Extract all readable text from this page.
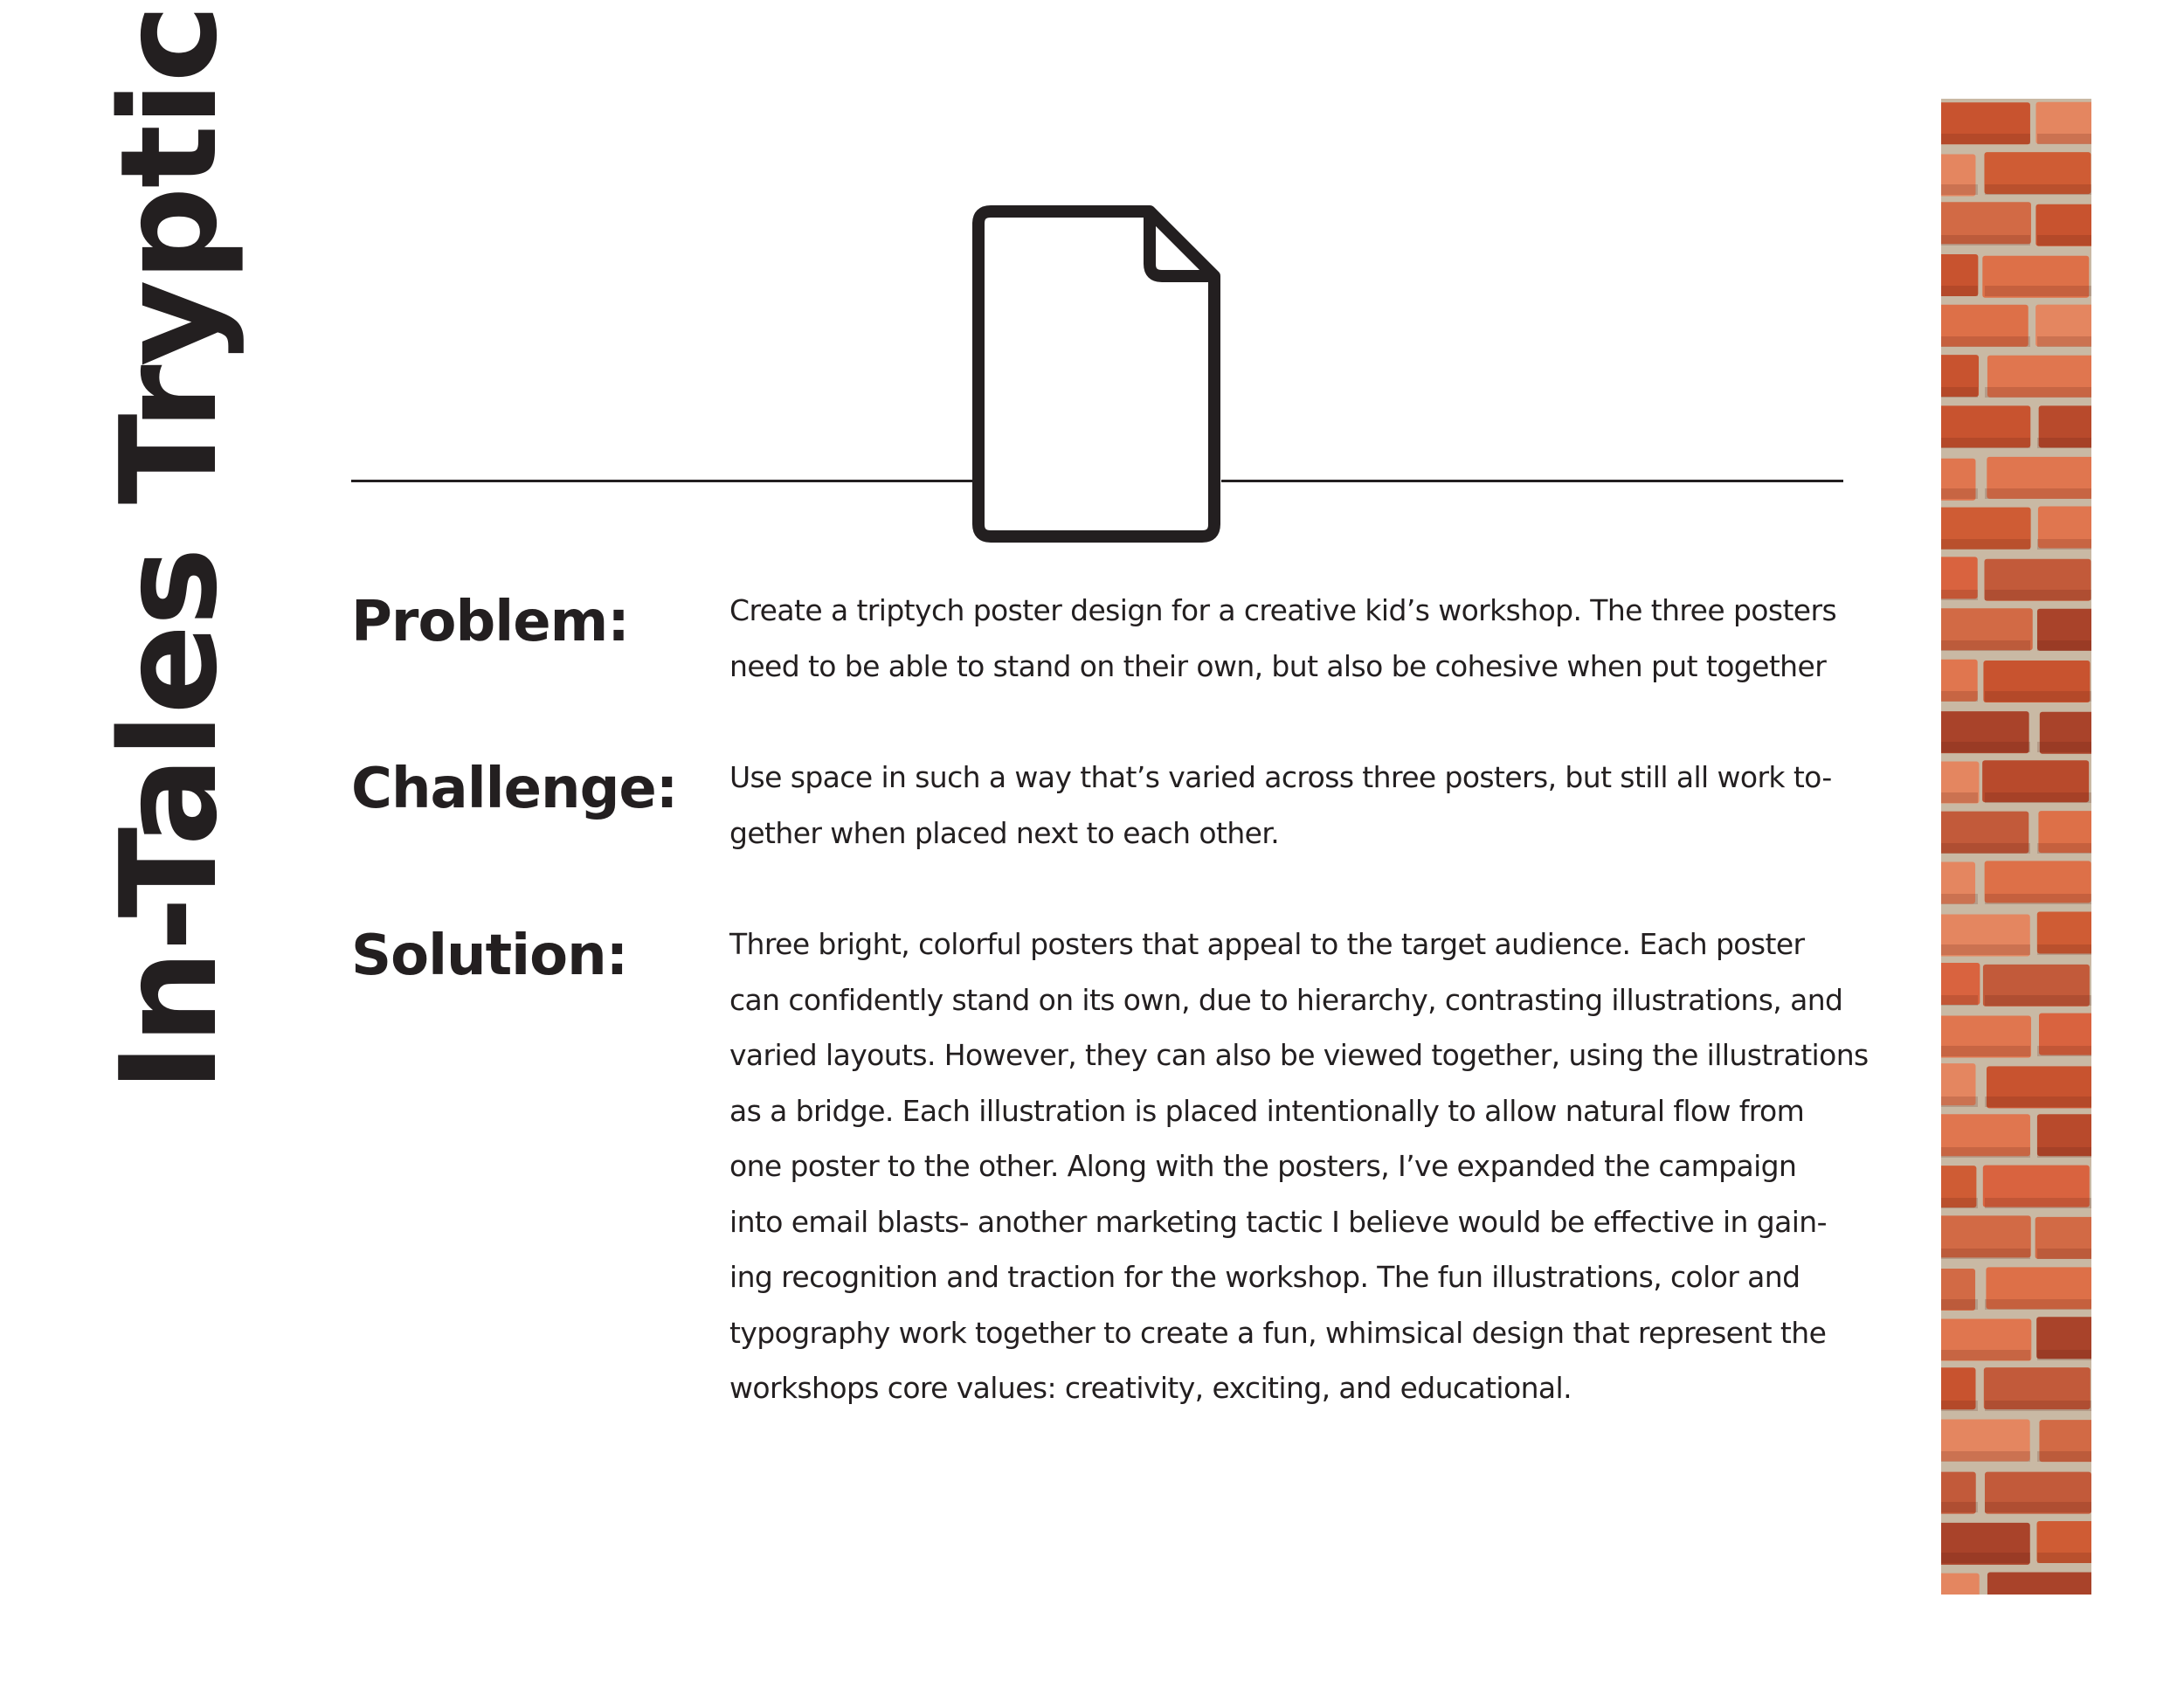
In-Tales Tryptic Problem:	Create a triptych poster design for a creative kid’s workshop. The three posters
need to be able to stand on their own, but also be cohesive when put together
Challenge: Use space in such a way that’s varied across three posters, but still all work to-
gether when placed next to each other.
Solution:	Three bright, colorful posters that appeal to the target audience. Each poster
can confidently stand on its own, due to hierarchy, contrasting illustrations, and
varied layouts. However, they can also be viewed together, using the illustrations
as a bridge. Each illustration is placed intentionally to allow natural flow from
one poster to the other. Along with the posters, I’ve expanded the campaign
into email blasts- another marketing tactic I believe would be effective in gain-
ing recognition and traction for the workshop. The fun illustrations, color and
typography work together to create a fun, whimsical design that represent the
workshops core values: creativity, exciting, and educational.
